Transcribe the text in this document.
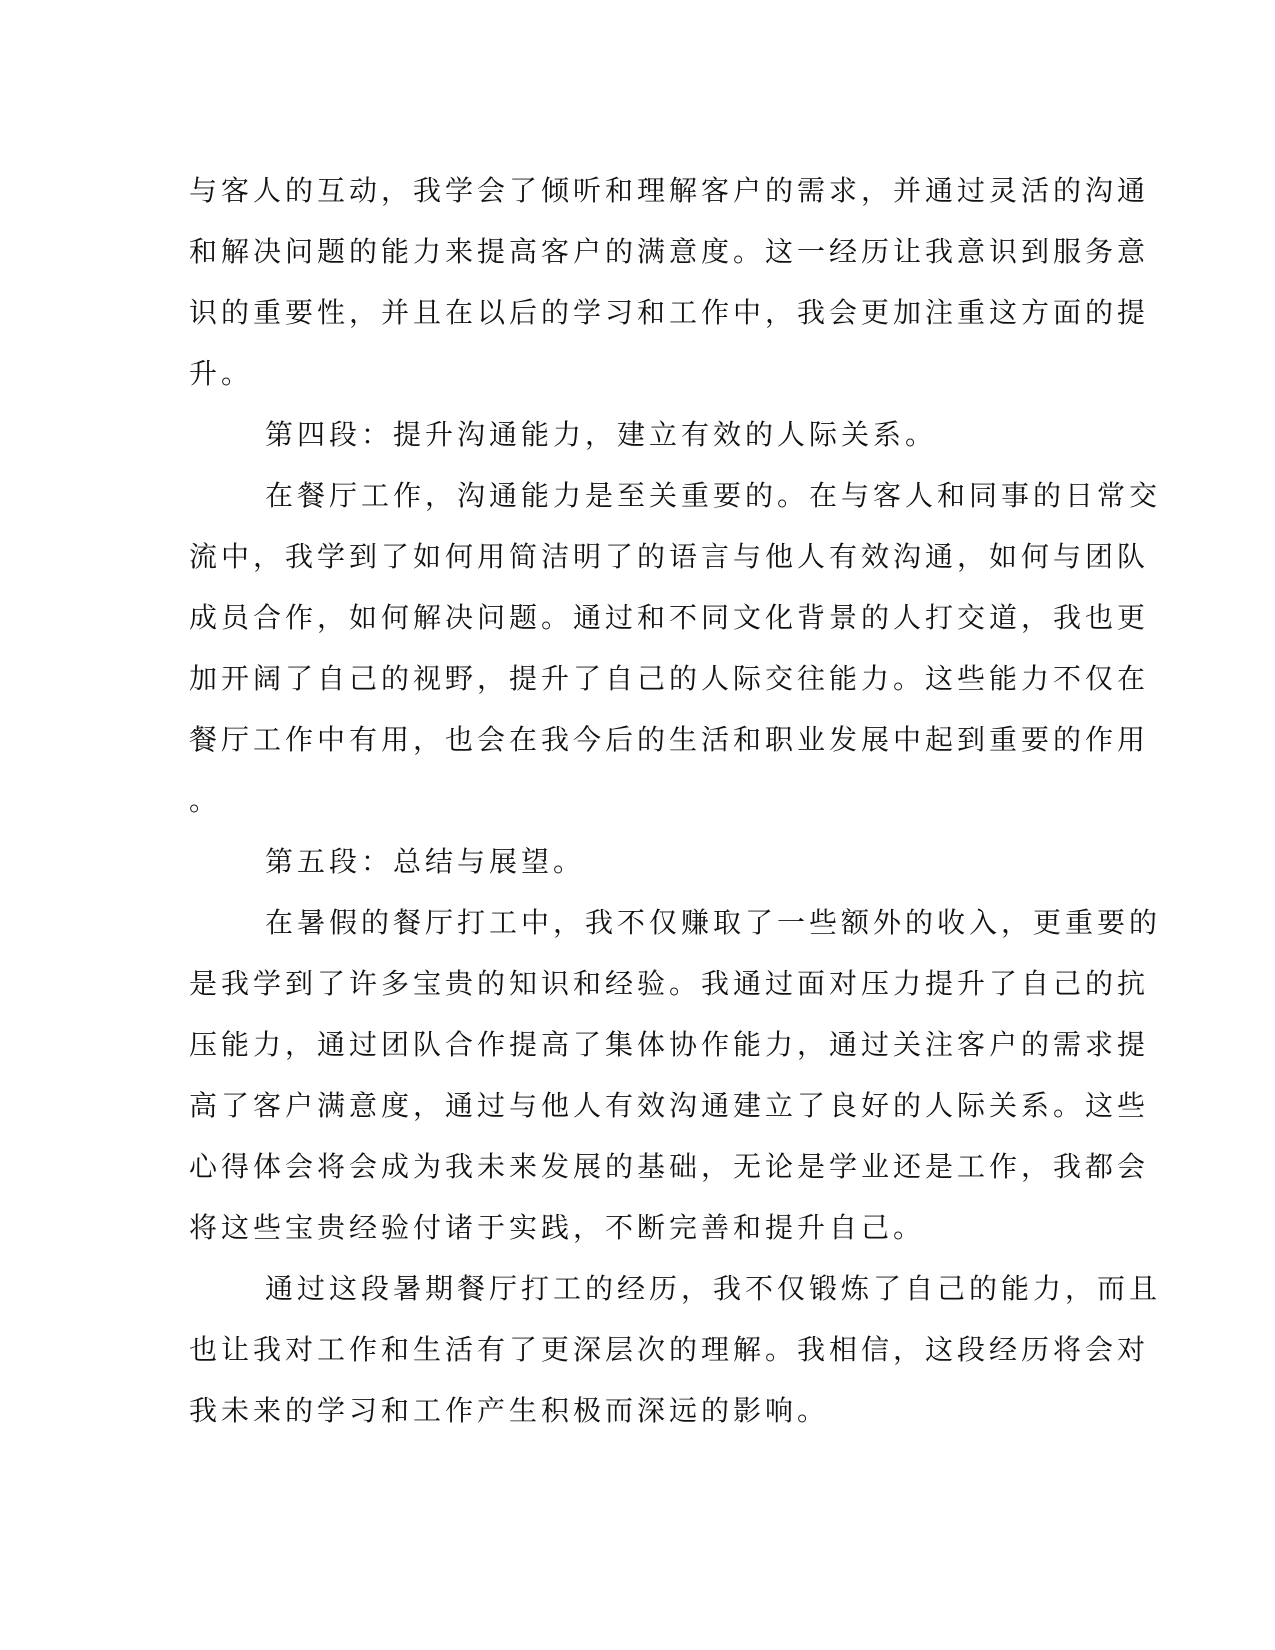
与客人的互动，我学会了倾听和理解客户的需求，并通过灵活的沟通
和解决问题的能力来提高客户的满意度。这一经历让我意识到服务意
识的重要性，并且在以后的学习和工作中，我会更加注重这方面的提
升。
第四段：提升沟通能力，建立有效的人际关系。
在餐厅工作，沟通能力是至关重要的。在与客人和同事的日常交
流中，我学到了如何用简洁明了的语言与他人有效沟通，如何与团队
成员合作，如何解决问题。通过和不同文化背景的人打交道，我也更
加开阔了自己的视野，提升了自己的人际交往能力。这些能力不仅在
餐厅工作中有用，也会在我今后的生活和职业发展中起到重要的作用
。
第五段：总结与展望。
在暑假的餐厅打工中，我不仅赚取了一些额外的收入，更重要的
是我学到了许多宝贵的知识和经验。我通过面对压力提升了自己的抗
压能力，通过团队合作提高了集体协作能力，通过关注客户的需求提
高了客户满意度，通过与他人有效沟通建立了良好的人际关系。这些
心得体会将会成为我未来发展的基础，无论是学业还是工作，我都会
将这些宝贵经验付诸于实践，不断完善和提升自己。
通过这段暑期餐厅打工的经历，我不仅锻炼了自己的能力，而且
也让我对工作和生活有了更深层次的理解。我相信，这段经历将会对
我未来的学习和工作产生积极而深远的影响。
